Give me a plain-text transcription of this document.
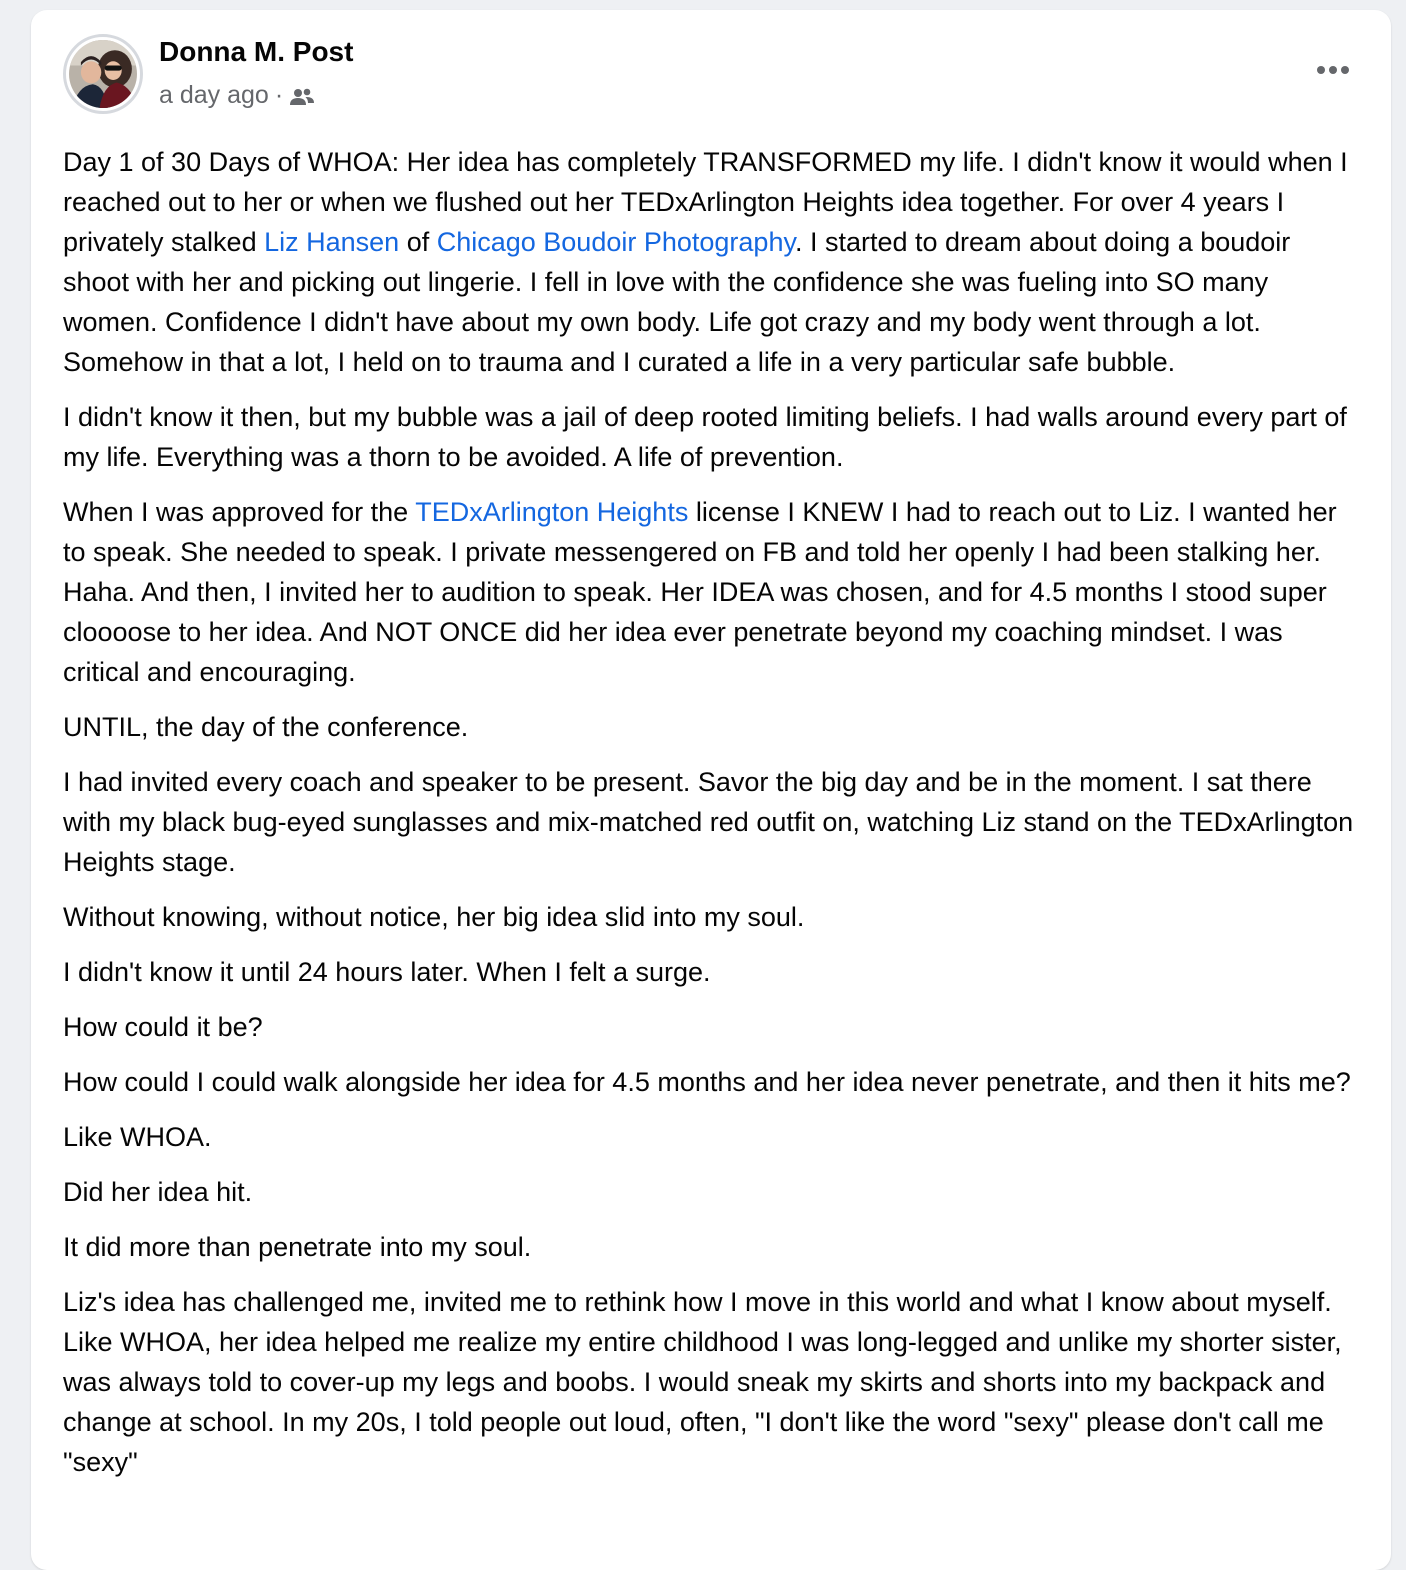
Donna M. Post
a day ago ·

Day 1 of 30 Days of WHOA: Her idea has completely TRANSFORMED my life. I didn't know it would when I reached out to her or when we flushed out her TEDxArlington Heights idea together. For over 4 years I privately stalked Liz Hansen of Chicago Boudoir Photography. I started to dream about doing a boudoir shoot with her and picking out lingerie. I fell in love with the confidence she was fueling into SO many women. Confidence I didn't have about my own body. Life got crazy and my body went through a lot. Somehow in that a lot, I held on to trauma and I curated a life in a very particular safe bubble.

I didn't know it then, but my bubble was a jail of deep rooted limiting beliefs. I had walls around every part of my life. Everything was a thorn to be avoided. A life of prevention.

When I was approved for the TEDxArlington Heights license I KNEW I had to reach out to Liz. I wanted her to speak. She needed to speak. I private messengered on FB and told her openly I had been stalking her. Haha. And then, I invited her to audition to speak. Her IDEA was chosen, and for 4.5 months I stood super cloooose to her idea. And NOT ONCE did her idea ever penetrate beyond my coaching mindset. I was critical and encouraging.

UNTIL, the day of the conference.

I had invited every coach and speaker to be present. Savor the big day and be in the moment. I sat there with my black bug-eyed sunglasses and mix-matched red outfit on, watching Liz stand on the TEDxArlington Heights stage.

Without knowing, without notice, her big idea slid into my soul.

I didn't know it until 24 hours later. When I felt a surge.

How could it be?

How could I could walk alongside her idea for 4.5 months and her idea never penetrate, and then it hits me?

Like WHOA.

Did her idea hit.

It did more than penetrate into my soul.

Liz's idea has challenged me, invited me to rethink how I move in this world and what I know about myself.  Like WHOA, her idea helped me realize my entire childhood I was long-legged and unlike my shorter sister, was always told to cover-up my legs and boobs. I would sneak my skirts and shorts into my backpack and change at school. In my 20s, I told people out loud, often, "I don't like the word "sexy" please don't call me "sexy"
